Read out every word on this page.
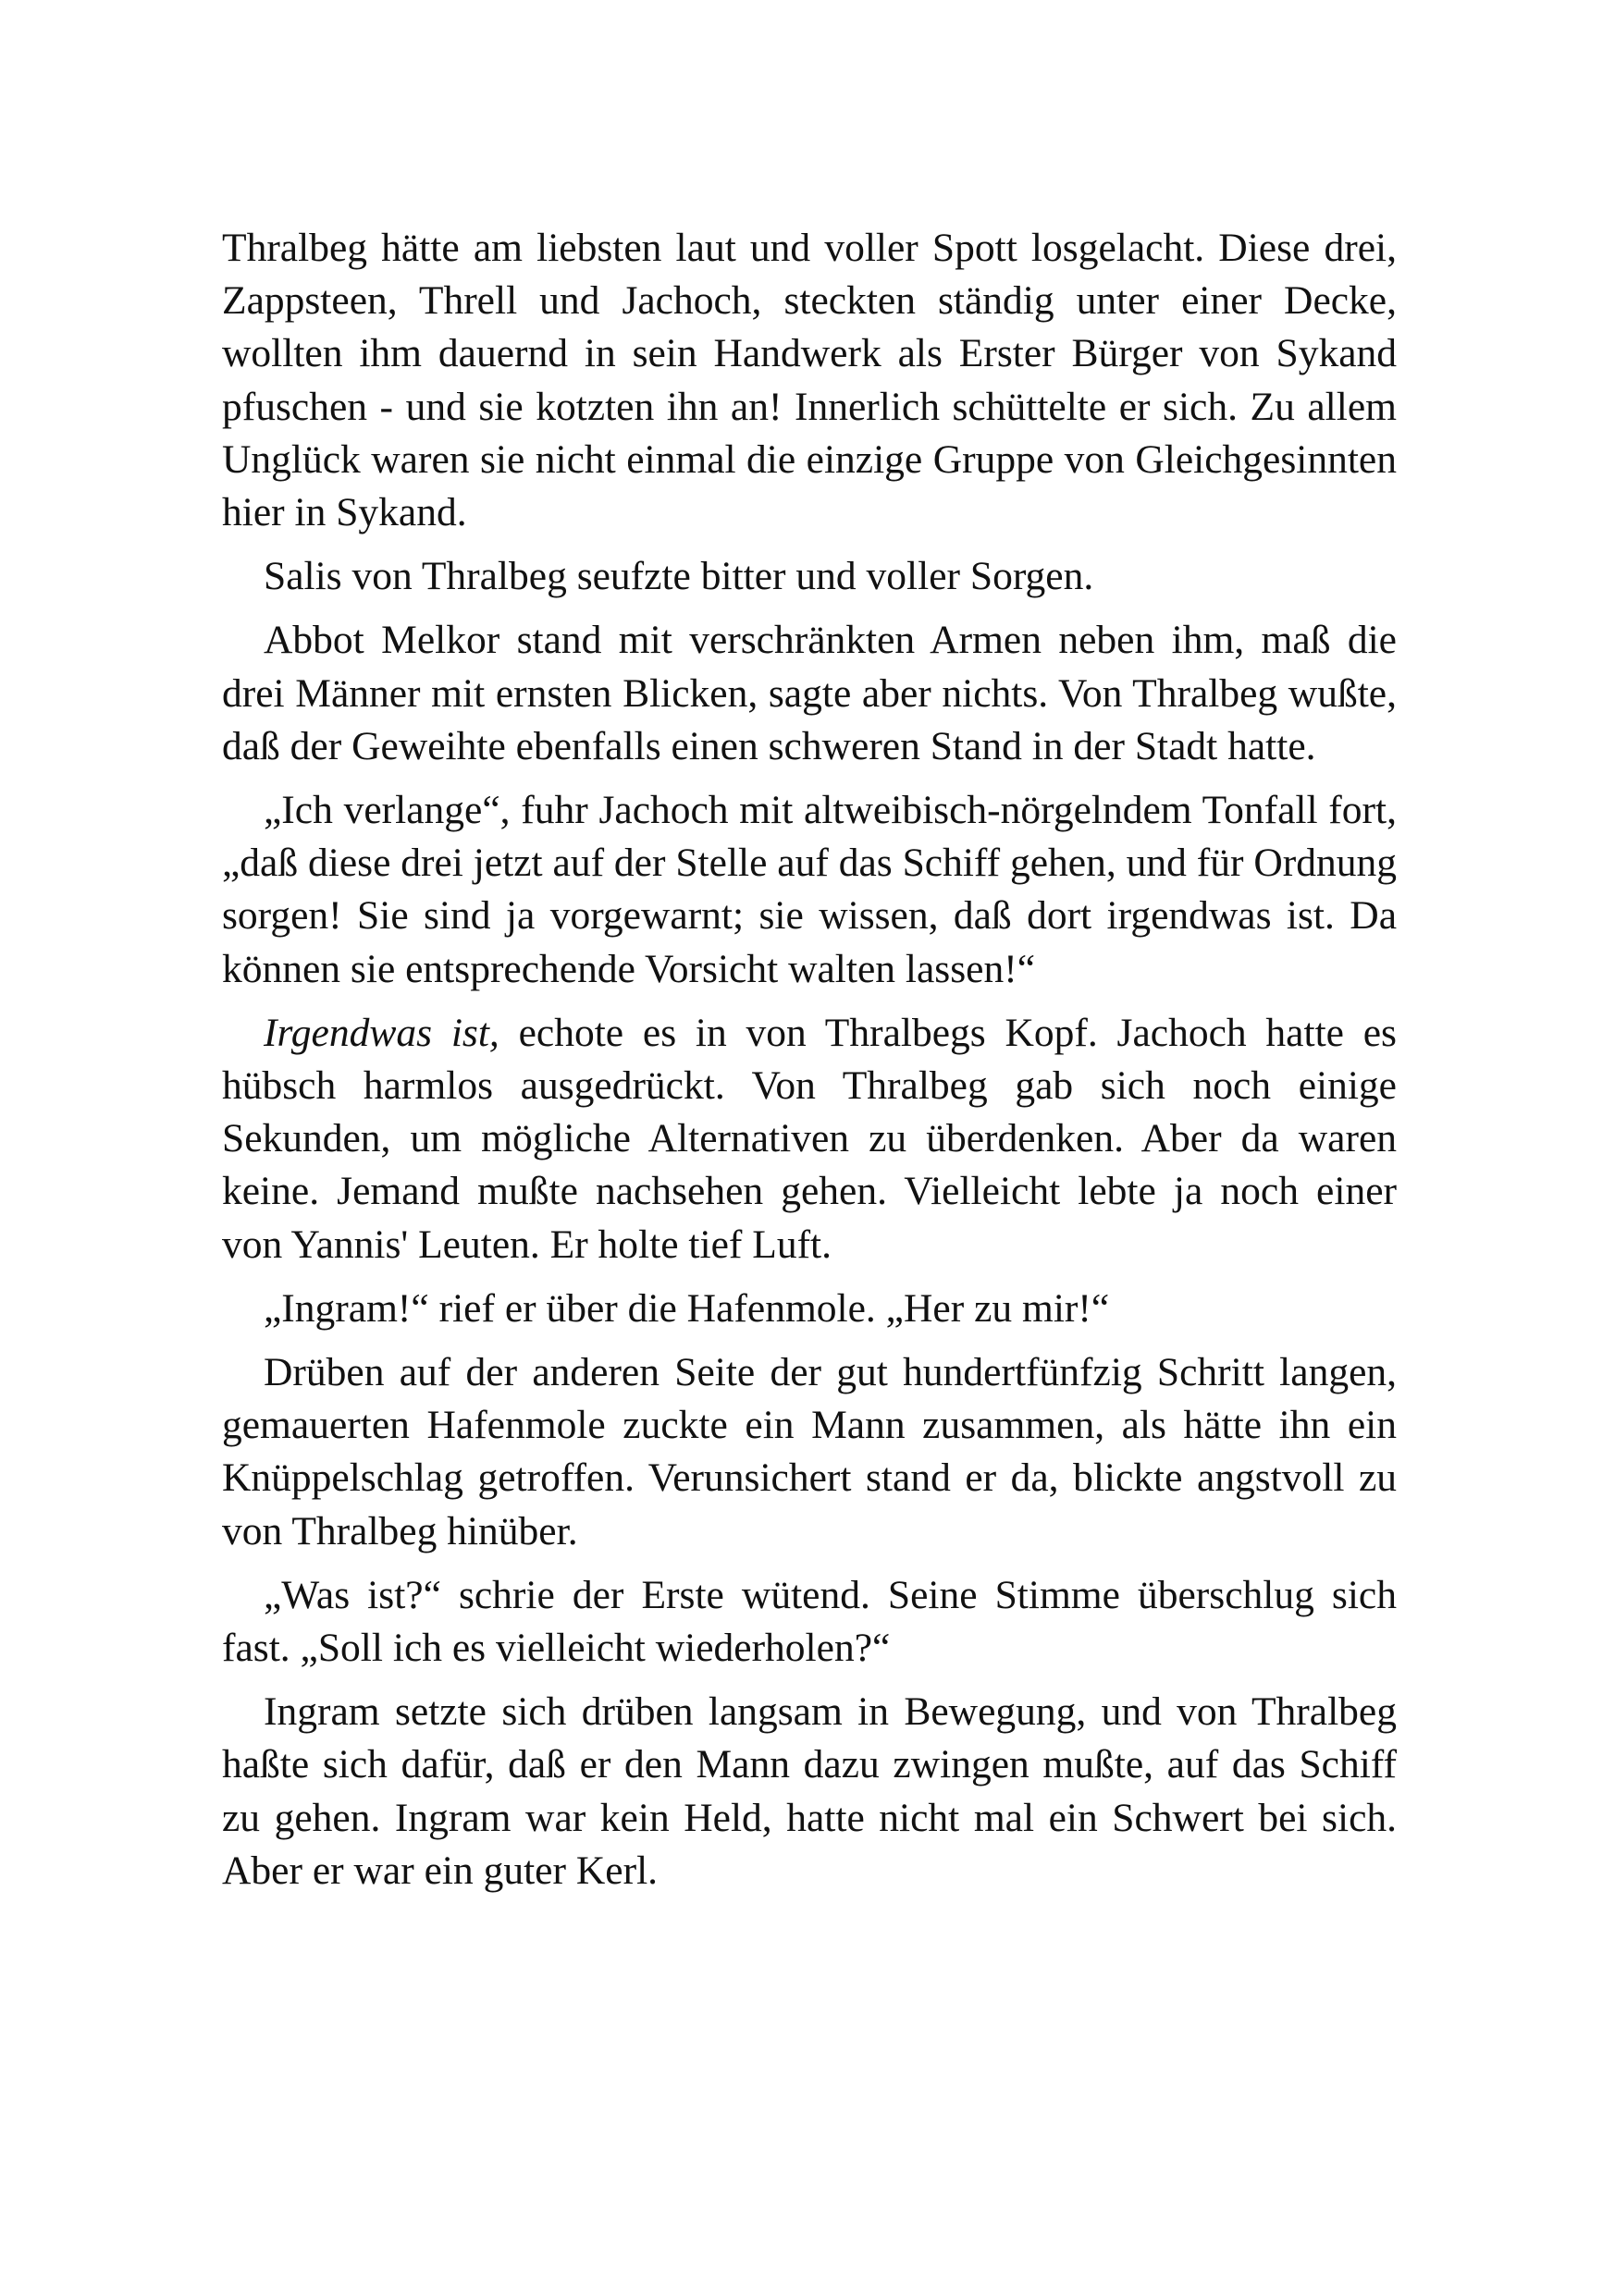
Thralbeg hätte am liebsten laut und voller Spott losgelacht. Diese drei, Zappsteen, Threll und Jachoch, steckten ständig unter einer Decke, wollten ihm dauernd in sein Handwerk als Erster Bürger von Sykand pfuschen - und sie kotzten ihn an! Innerlich schüttelte er sich. Zu allem Unglück waren sie nicht einmal die einzige Gruppe von Gleichgesinnten hier in Sykand.

Salis von Thralbeg seufzte bitter und voller Sorgen.

Abbot Melkor stand mit verschränkten Armen neben ihm, maß die drei Männer mit ernsten Blicken, sagte aber nichts. Von Thralbeg wußte, daß der Geweihte ebenfalls einen schweren Stand in der Stadt hatte.

„Ich verlange“, fuhr Jachoch mit altweibisch-nörgelndem Tonfall fort, „daß diese drei jetzt auf der Stelle auf das Schiff gehen, und für Ordnung sorgen! Sie sind ja vorgewarnt; sie wissen, daß dort irgendwas ist. Da können sie entsprechende Vorsicht walten lassen!“

Irgendwas ist, echote es in von Thralbegs Kopf. Jachoch hatte es hübsch harmlos ausgedrückt. Von Thralbeg gab sich noch einige Sekunden, um mögliche Alternativen zu überdenken. Aber da waren keine. Jemand mußte nachsehen gehen. Vielleicht lebte ja noch einer von Yannis' Leuten. Er holte tief Luft.

„Ingram!“ rief er über die Hafenmole. „Her zu mir!“

Drüben auf der anderen Seite der gut hundertfünfzig Schritt langen, gemauerten Hafenmole zuckte ein Mann zusammen, als hätte ihn ein Knüppelschlag getroffen. Verunsichert stand er da, blickte angstvoll zu von Thralbeg hinüber.

„Was ist?“ schrie der Erste wütend. Seine Stimme überschlug sich fast. „Soll ich es vielleicht wiederholen?“

Ingram setzte sich drüben langsam in Bewegung, und von Thralbeg haßte sich dafür, daß er den Mann dazu zwingen mußte, auf das Schiff zu gehen. Ingram war kein Held, hatte nicht mal ein Schwert bei sich. Aber er war ein guter Kerl.
